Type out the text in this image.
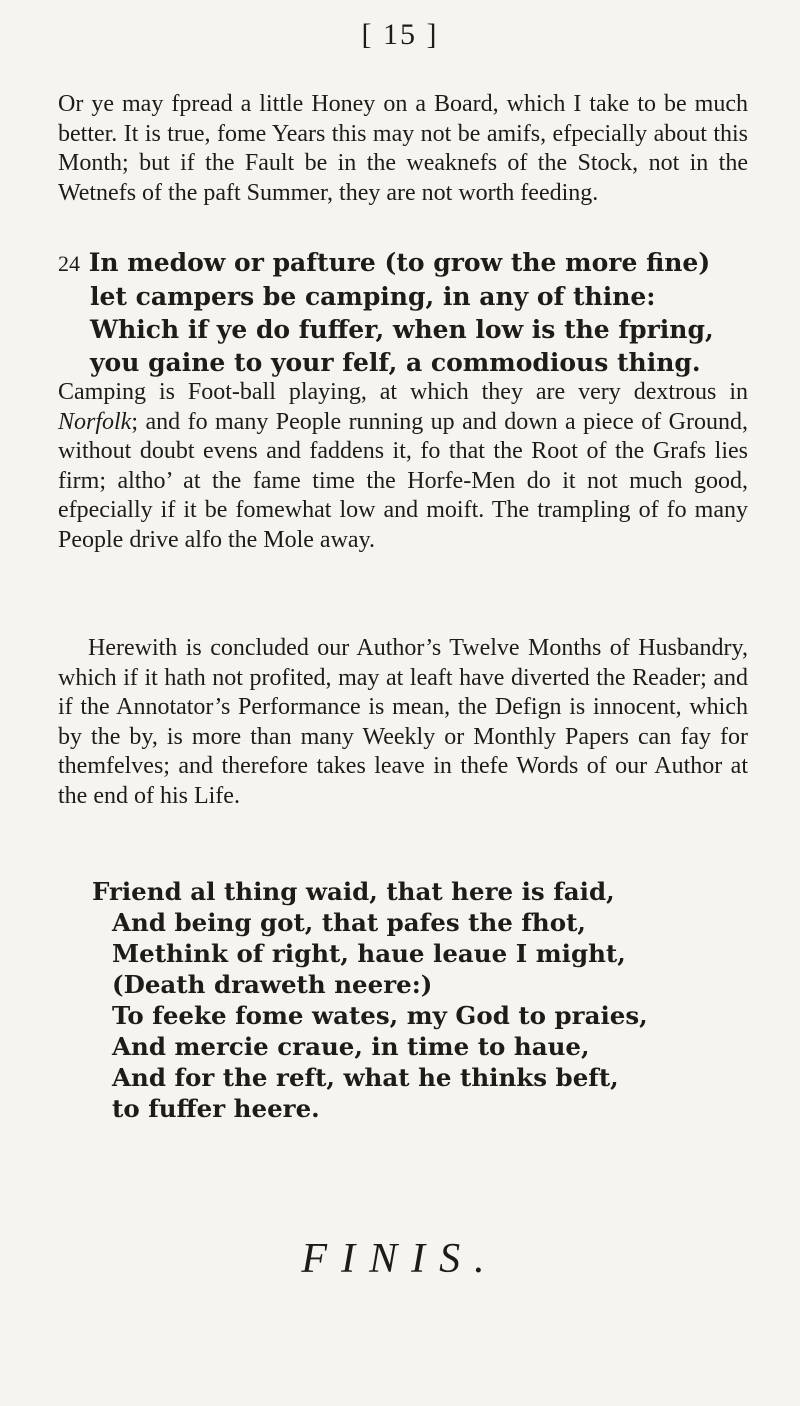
[ 15 ]

Or ye may fpread a little Honey on a Board, which I take to be much better. It is true, fome Years this may not be amifs, efpecially about this Month; but if the Fault be in the weaknefs of the Stock, not in the Wetnefs of the paft Summer, they are not worth feeding.

24 In medow or pafture (to grow the more fine)
let campers be camping, in any of thine:
Which if ye do fuffer, when low is the fpring,
you gaine to your felf, a commodious thing.

Camping is Foot-ball playing, at which they are very dextrous in Norfolk; and fo many People running up and down a piece of Ground, without doubt evens and faddens it, fo that the Root of the Grafs lies firm; altho’ at the fame time the Horfe-Men do it not much good, efpecially if it be fomewhat low and moift. The trampling of fo many People drive alfo the Mole away.

Herewith is concluded our Author’s Twelve Months of Husbandry, which if it hath not profited, may at leaft have diverted the Reader; and if the Annotator’s Performance is mean, the Defign is innocent, which by the by, is more than many Weekly or Monthly Papers can fay for themfelves; and therefore takes leave in thefe Words of our Author at the end of his Life.

Friend al thing waid, that here is faid,
And being got, that pafes the fhot,
Methink of right, haue leaue I might,
(Death draweth neere:)
To feeke fome wates, my God to praies,
And mercie craue, in time to haue,
And for the reft, what he thinks beft,
to fuffer heere.
FINIS.
